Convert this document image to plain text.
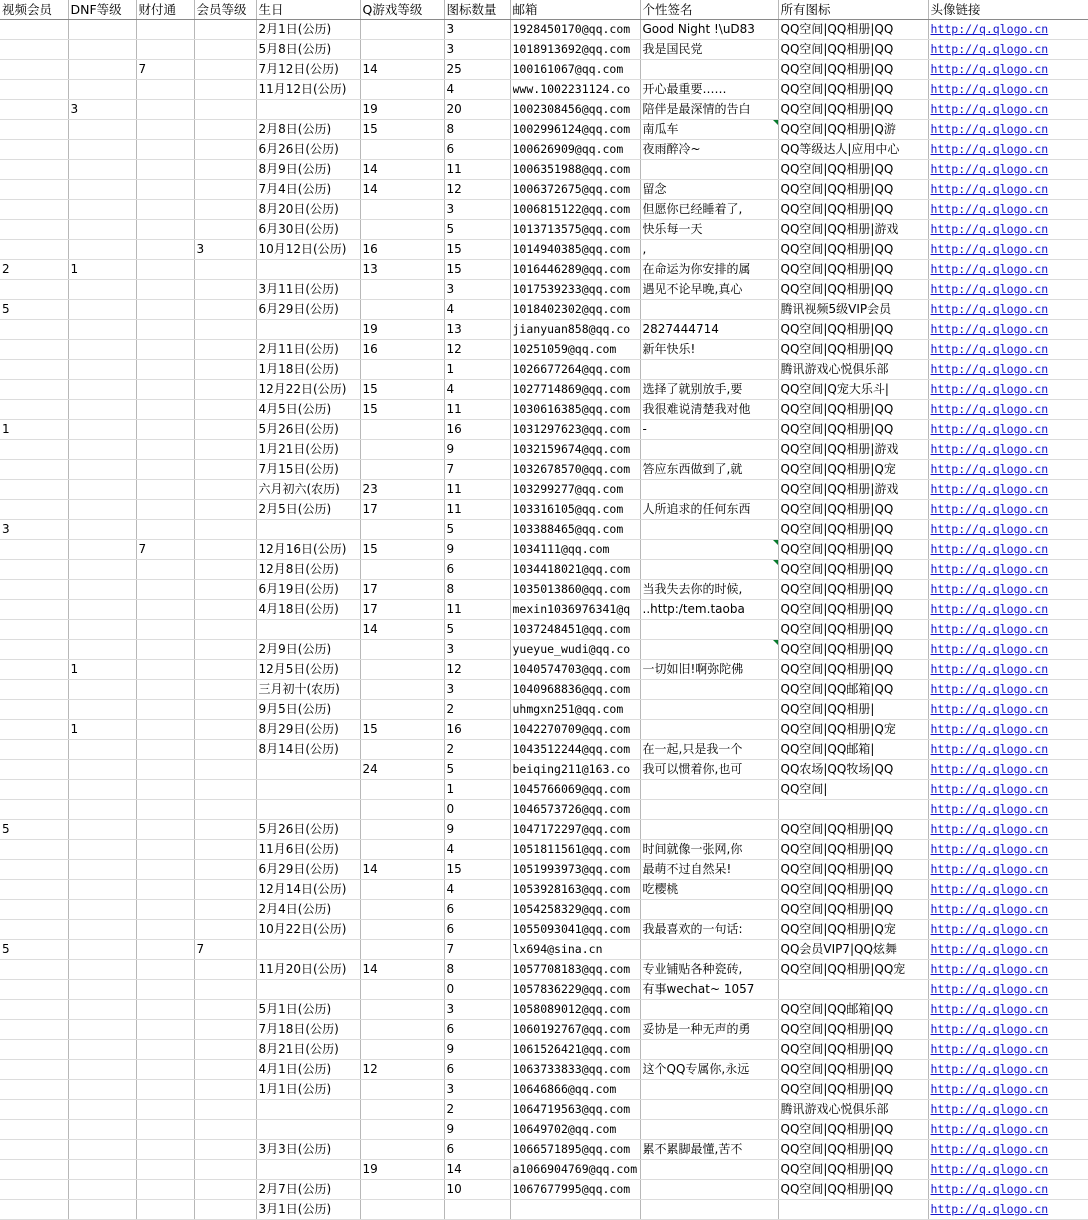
视频会员	DNF等级	财付通	会员等级	生日	Q游戏等级	图标数量	邮箱	个性签名	所有图标	头像链接

				2月1日(公历)		3	1928450170@qq.com	Good Night !\uD83	QQ空间|QQ相册|QQ	http://q.qlogo.cn

				5月8日(公历)		3	1018913692@qq.com	我是国民党	QQ空间|QQ相册|QQ	http://q.qlogo.cn

		7		7月12日(公历)	14	25	100161067@qq.com		QQ空间|QQ相册|QQ	http://q.qlogo.cn

				11月12日(公历)		4	www.1002231124.co	开心最重要……	QQ空间|QQ相册|QQ	http://q.qlogo.cn

	3				19	20	1002308456@qq.com	陪伴是最深情的告白	QQ空间|QQ相册|QQ	http://q.qlogo.cn

				2月8日(公历)	15	8	1002996124@qq.com	南瓜车	QQ空间|QQ相册|Q游	http://q.qlogo.cn

				6月26日(公历)		6	100626909@qq.com	夜雨醉冷~	QQ等级达人|应用中心	http://q.qlogo.cn

				8月9日(公历)	14	11	1006351988@qq.com		QQ空间|QQ相册|QQ	http://q.qlogo.cn

				7月4日(公历)	14	12	1006372675@qq.com	留念	QQ空间|QQ相册|QQ	http://q.qlogo.cn

				8月20日(公历)		3	1006815122@qq.com	但愿你已经睡着了,	QQ空间|QQ相册|QQ	http://q.qlogo.cn

				6月30日(公历)		5	1013713575@qq.com	快乐每一天	QQ空间|QQ相册|游戏	http://q.qlogo.cn

			3	10月12日(公历)	16	15	1014940385@qq.com	,	QQ空间|QQ相册|QQ	http://q.qlogo.cn

2	1				13	15	1016446289@qq.com	在命运为你安排的属	QQ空间|QQ相册|QQ	http://q.qlogo.cn

				3月11日(公历)		3	1017539233@qq.com	遇见不论早晚,真心	QQ空间|QQ相册|QQ	http://q.qlogo.cn

5				6月29日(公历)		4	1018402302@qq.com		腾讯视频5级VIP会员	http://q.qlogo.cn

					19	13	jianyuan858@qq.co	2827444714	QQ空间|QQ相册|QQ	http://q.qlogo.cn

				2月11日(公历)	16	12	10251059@qq.com	新年快乐!	QQ空间|QQ相册|QQ	http://q.qlogo.cn

				1月18日(公历)		1	1026677264@qq.com		腾讯游戏心悦俱乐部	http://q.qlogo.cn

				12月22日(公历)	15	4	1027714869@qq.com	选择了就别放手,要	QQ空间|Q宠大乐斗|	http://q.qlogo.cn

				4月5日(公历)	15	11	1030616385@qq.com	我很难说清楚我对他	QQ空间|QQ相册|QQ	http://q.qlogo.cn

1				5月26日(公历)		16	1031297623@qq.com	-	QQ空间|QQ相册|QQ	http://q.qlogo.cn

				1月21日(公历)		9	1032159674@qq.com		QQ空间|QQ相册|游戏	http://q.qlogo.cn

				7月15日(公历)		7	1032678570@qq.com	答应东西做到了,就	QQ空间|QQ相册|Q宠	http://q.qlogo.cn

				六月初六(农历)	23	11	103299277@qq.com		QQ空间|QQ相册|游戏	http://q.qlogo.cn

				2月5日(公历)	17	11	103316105@qq.com	人所追求的任何东西	QQ空间|QQ相册|QQ	http://q.qlogo.cn

3						5	103388465@qq.com		QQ空间|QQ相册|QQ	http://q.qlogo.cn

		7		12月16日(公历)	15	9	1034111@qq.com		QQ空间|QQ相册|QQ	http://q.qlogo.cn

				12月8日(公历)		6	1034418021@qq.com		QQ空间|QQ相册|QQ	http://q.qlogo.cn

				6月19日(公历)	17	8	1035013860@qq.com	当我失去你的时候,	QQ空间|QQ相册|QQ	http://q.qlogo.cn

				4月18日(公历)	17	11	mexin1036976341@q	..http:/tem.taoba	QQ空间|QQ相册|QQ	http://q.qlogo.cn

					14	5	1037248451@qq.com		QQ空间|QQ相册|QQ	http://q.qlogo.cn

				2月9日(公历)		3	yueyue_wudi@qq.co		QQ空间|QQ相册|QQ	http://q.qlogo.cn

	1			12月5日(公历)		12	1040574703@qq.com	一切如旧!啊弥陀佛	QQ空间|QQ相册|QQ	http://q.qlogo.cn

				三月初十(农历)		3	1040968836@qq.com		QQ空间|QQ邮箱|QQ	http://q.qlogo.cn

				9月5日(公历)		2	uhmgxn251@qq.com		QQ空间|QQ相册|	http://q.qlogo.cn

	1			8月29日(公历)	15	16	1042270709@qq.com		QQ空间|QQ相册|Q宠	http://q.qlogo.cn

				8月14日(公历)		2	1043512244@qq.com	在一起,只是我一个	QQ空间|QQ邮箱|	http://q.qlogo.cn

					24	5	beiqing211@163.co	我可以惯着你,也可	QQ农场|QQ牧场|QQ	http://q.qlogo.cn

						1	1045766069@qq.com		QQ空间|	http://q.qlogo.cn

						0	1046573726@qq.com			http://q.qlogo.cn

5				5月26日(公历)		9	1047172297@qq.com		QQ空间|QQ相册|QQ	http://q.qlogo.cn

				11月6日(公历)		4	1051811561@qq.com	时间就像一张网,你	QQ空间|QQ相册|QQ	http://q.qlogo.cn

				6月29日(公历)	14	15	1051993973@qq.com	最萌不过自然呆!	QQ空间|QQ相册|QQ	http://q.qlogo.cn

				12月14日(公历)		4	1053928163@qq.com	吃樱桃	QQ空间|QQ相册|QQ	http://q.qlogo.cn

				2月4日(公历)		6	1054258329@qq.com		QQ空间|QQ相册|QQ	http://q.qlogo.cn

				10月22日(公历)		6	1055093041@qq.com	我最喜欢的一句话:	QQ空间|QQ相册|Q宠	http://q.qlogo.cn

5			7			7	lx694@sina.cn		QQ会员VIP7|QQ炫舞	http://q.qlogo.cn

				11月20日(公历)	14	8	1057708183@qq.com	专业铺贴各种瓷砖,	QQ空间|QQ相册|QQ宠	http://q.qlogo.cn

						0	1057836229@qq.com	有事wechat~ 1057		http://q.qlogo.cn

				5月1日(公历)		3	1058089012@qq.com		QQ空间|QQ邮箱|QQ	http://q.qlogo.cn

				7月18日(公历)		6	1060192767@qq.com	妥协是一种无声的勇	QQ空间|QQ相册|QQ	http://q.qlogo.cn

				8月21日(公历)		9	1061526421@qq.com		QQ空间|QQ相册|QQ	http://q.qlogo.cn

				4月1日(公历)	12	6	1063733833@qq.com	这个QQ专属你,永远	QQ空间|QQ相册|QQ	http://q.qlogo.cn

				1月1日(公历)		3	10646866@qq.com		QQ空间|QQ相册|QQ	http://q.qlogo.cn

						2	1064719563@qq.com		腾讯游戏心悦俱乐部	http://q.qlogo.cn

						9	10649702@qq.com		QQ空间|QQ相册|QQ	http://q.qlogo.cn

				3月3日(公历)		6	1066571895@qq.com	累不累脚最懂,苦不	QQ空间|QQ相册|QQ	http://q.qlogo.cn

					19	14	a1066904769@qq.com		QQ空间|QQ相册|QQ	http://q.qlogo.cn

				2月7日(公历)		10	1067677995@qq.com		QQ空间|QQ相册|QQ	http://q.qlogo.cn

				3月1日(公历)						http://q.qlogo.cn
